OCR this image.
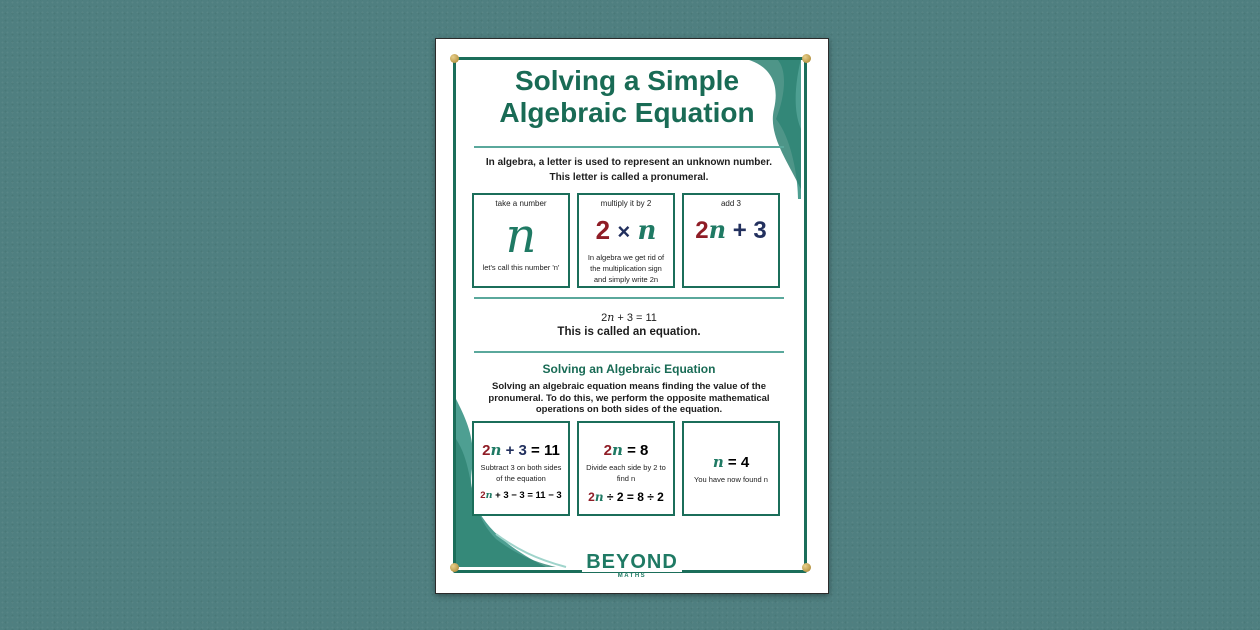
Solving a Simple
Algebraic Equation
In algebra, a letter is used to represent an unknown number.
This letter is called a pronumeral.
take a number
n
let's call this number 'n'
multiply it by 2
2 × n
In algebra we get rid of
the multiplication sign
and simply write 2n
add 3
2n + 3
2n + 3 = 11
This is called an equation.
Solving an Algebraic Equation
Solving an algebraic equation means finding the value of the
pronumeral. To do this, we perform the opposite mathematical
operations on both sides of the equation.
2n + 3 = 11
Subtract 3 on both sides
of the equation
2n + 3 − 3 = 11 − 3
2n = 8
Divide each side by 2 to
find n
2n ÷ 2 = 8 ÷ 2
n = 4
You have now found n
BEYOND
MATHS
